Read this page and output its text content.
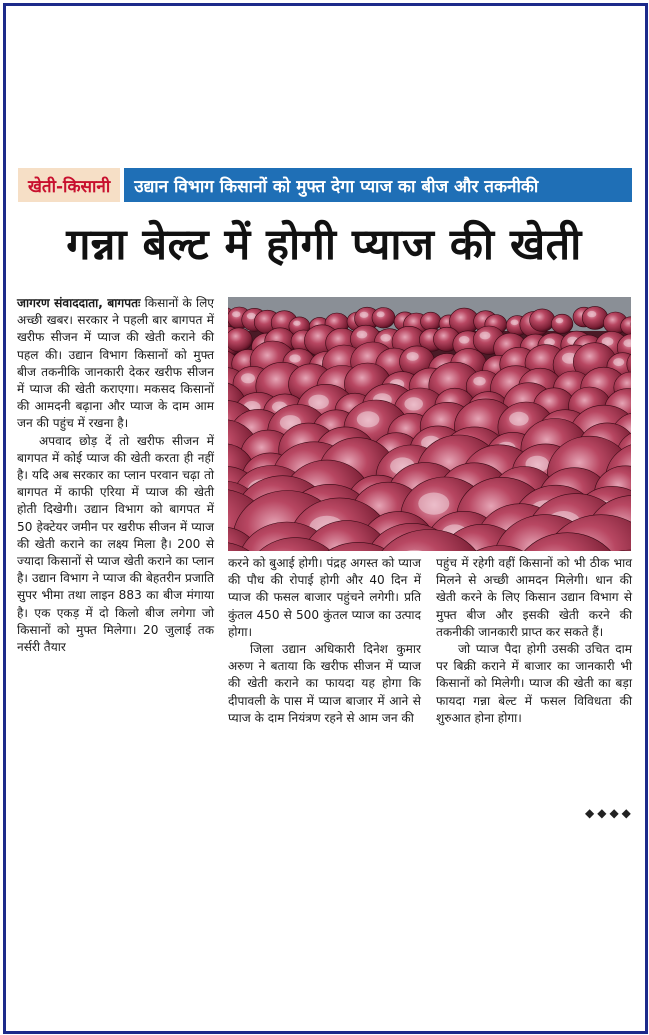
खेती-किसानी	उद्यान विभाग किसानों को मुफ्त देगा प्याज का बीज और तकनीकी
गन्ना बेल्ट में होगी प्याज की खेती

जागरण संवाददाता, बागपतः किसानों के लिए अच्छी खबर। सरकार ने पहली बार बागपत में खरीफ सीजन में प्याज की खेती कराने की पहल की। उद्यान विभाग किसानों को मुफ्त बीज तकनीकि जानकारी देकर खरीफ सीजन में प्याज की खेती कराएगा। मकसद किसानों की आमदनी बढ़ाना और प्याज के दाम आम जन की पहुंच में रखना है।

अपवाद छोड़ दें तो खरीफ सीजन में बागपत में कोई प्याज की खेती करता ही नहीं है। यदि अब सरकार का प्लान परवान चढ़ा तो बागपत में काफी एरिया में प्याज की खेती होती दिखेगी। उद्यान विभाग को बागपत में 50 हेक्टेयर जमीन पर खरीफ सीजन में प्याज की खेती कराने का लक्ष्य मिला है। 200 से ज्यादा किसानों से प्याज खेती कराने का प्लान है। उद्यान विभाग ने प्याज की बेहतरीन प्रजाति सुपर भीमा तथा लाइन 883 का बीज मंगाया है। एक एकड़ में दो किलो बीज लगेगा जो किसानों को मुफ्त मिलेगा। 20 जुलाई तक नर्सरी तैयार

करने को बुआई होगी। पंद्रह अगस्त को प्याज की पौध की रोपाई होगी और 40 दिन में प्याज की फसल बाजार पहुंचने लगेगी। प्रति कुंतल 450 से 500 कुंतल प्याज का उत्पाद होगा।

जिला उद्यान अधिकारी दिनेश कुमार अरुण ने बताया कि खरीफ सीजन में प्याज की खेती कराने का फायदा यह होगा कि दीपावली के पास में प्याज बाजार में आने से प्याज के दाम नियंत्रण रहने से आम जन की

पहुंच में रहेगी वहीं किसानों को भी ठीक भाव मिलने से अच्छी आमदन मिलेगी। धान की खेती करने के लिए किसान उद्यान विभाग से मुफ्त बीज और इसकी खेती करने की तकनीकी जानकारी प्राप्त कर सकते हैं।

जो प्याज पैदा होगी उसकी उचित दाम पर बिक्री कराने में बाजार का जानकारी भी किसानों को मिलेगी। प्याज की खेती का बड़ा फायदा गन्ना बेल्ट में फसल विविधता की शुरुआत होना होगा।

◆◆◆◆
